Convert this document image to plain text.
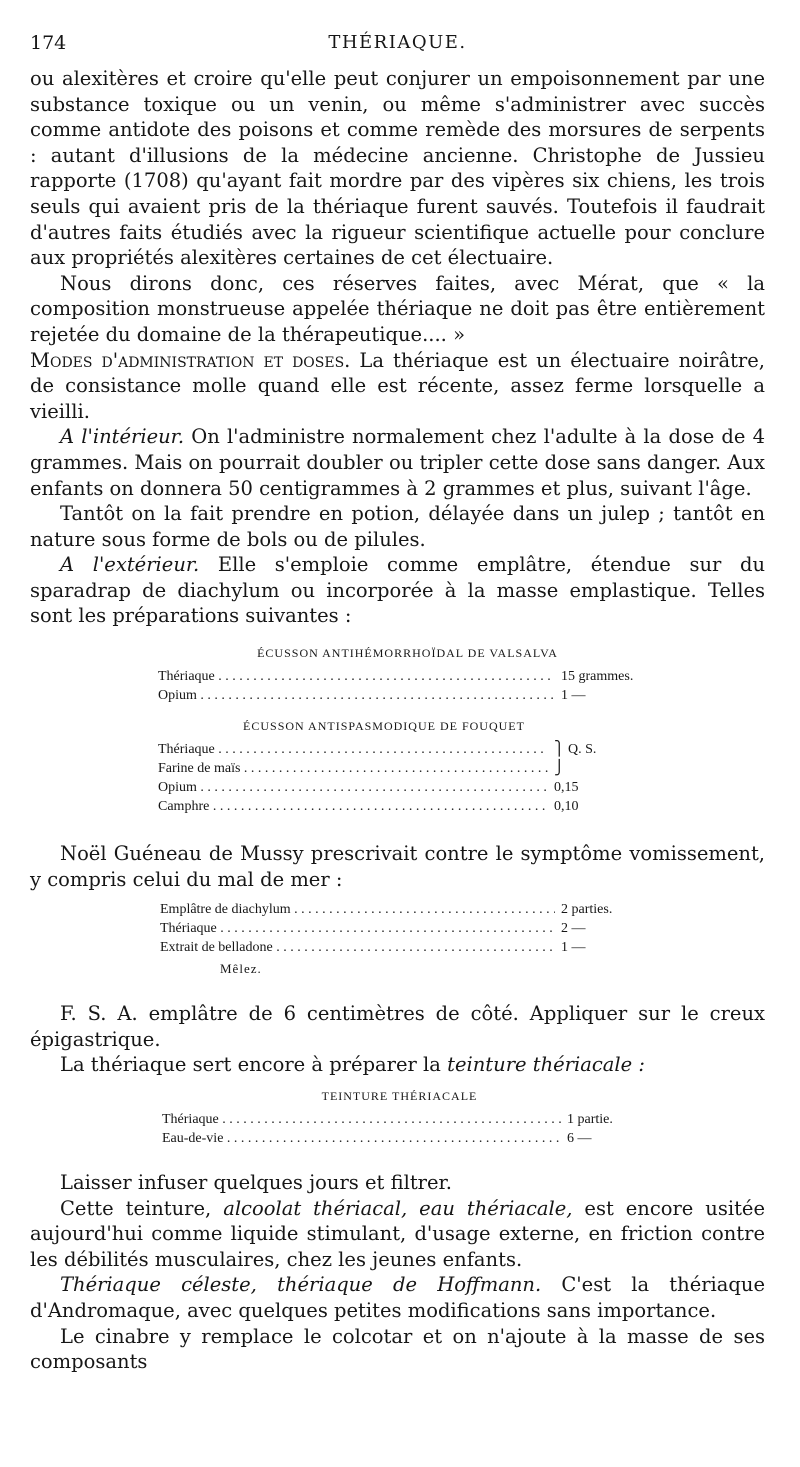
174	THÉRIAQUE.

ou alexitères et croire qu'elle peut conjurer un empoisonnement par une substance toxique ou un venin, ou même s'administrer avec succès comme antidote des poisons et comme remède des morsures de serpents : autant d'illusions de la médecine ancienne. Christophe de Jussieu rapporte (1708) qu'ayant fait mordre par des vipères six chiens, les trois seuls qui avaient pris de la thériaque furent sauvés. Toutefois il faudrait d'autres faits étudiés avec la rigueur scientifique actuelle pour conclure aux propriétés alexitères certaines de cet électuaire.

Nous dirons donc, ces réserves faites, avec Mérat, que « la composition monstrueuse appelée thériaque ne doit pas être entièrement rejetée du domaine de la thérapeutique.... »

Modes d'administration et doses. La thériaque est un électuaire noirâtre, de consistance molle quand elle est récente, assez ferme lorsquelle a vieilli.

A l'intérieur. On l'administre normalement chez l'adulte à la dose de 4 grammes. Mais on pourrait doubler ou tripler cette dose sans danger. Aux enfants on donnera 50 centigrammes à 2 grammes et plus, suivant l'âge.

Tantôt on la fait prendre en potion, délayée dans un julep ; tantôt en nature sous forme de bols ou de pilules.

A l'extérieur. Elle s'emploie comme emplâtre, étendue sur du sparadrap de diachylum ou incorporée à la masse emplastique. Telles sont les préparations suivantes :

ÉCUSSON ANTIHÉMORRHOÏDAL DE VALSALVA
Thériaque . . .	15 grammes.
Opium . . .	1 —
ÉCUSSON ANTISPASMODIQUE DE FOUQUET
Thériaque . . .	⎫ Q. S.
Farine de maïs . . .	⎭
Opium . . .	0,15
Camphre . . .	0,10

Noël Guéneau de Mussy prescrivait contre le symptôme vomissement, y compris celui du mal de mer :

Emplâtre de diachylum . . .	2 parties.
Thériaque . . .	2 —
Extrait de belladone . . .	1 —
Mêlez.

F. S. A. emplâtre de 6 centimètres de côté. Appliquer sur le creux épigastrique.

La thériaque sert encore à préparer la teinture thériacale :

TEINTURE THÉRIACALE
Thériaque . . .	1 partie.
Eau-de-vie . . .	6 —

Laisser infuser quelques jours et filtrer.

Cette teinture, alcoolat thériacal, eau thériacale, est encore usitée aujourd'hui comme liquide stimulant, d'usage externe, en friction contre les débilités musculaires, chez les jeunes enfants.

Thériaque céleste, thériaque de Hoffmann. C'est la thériaque d'Andromaque, avec quelques petites modifications sans importance.

Le cinabre y remplace le colcotar et on n'ajoute à la masse de ses composants
